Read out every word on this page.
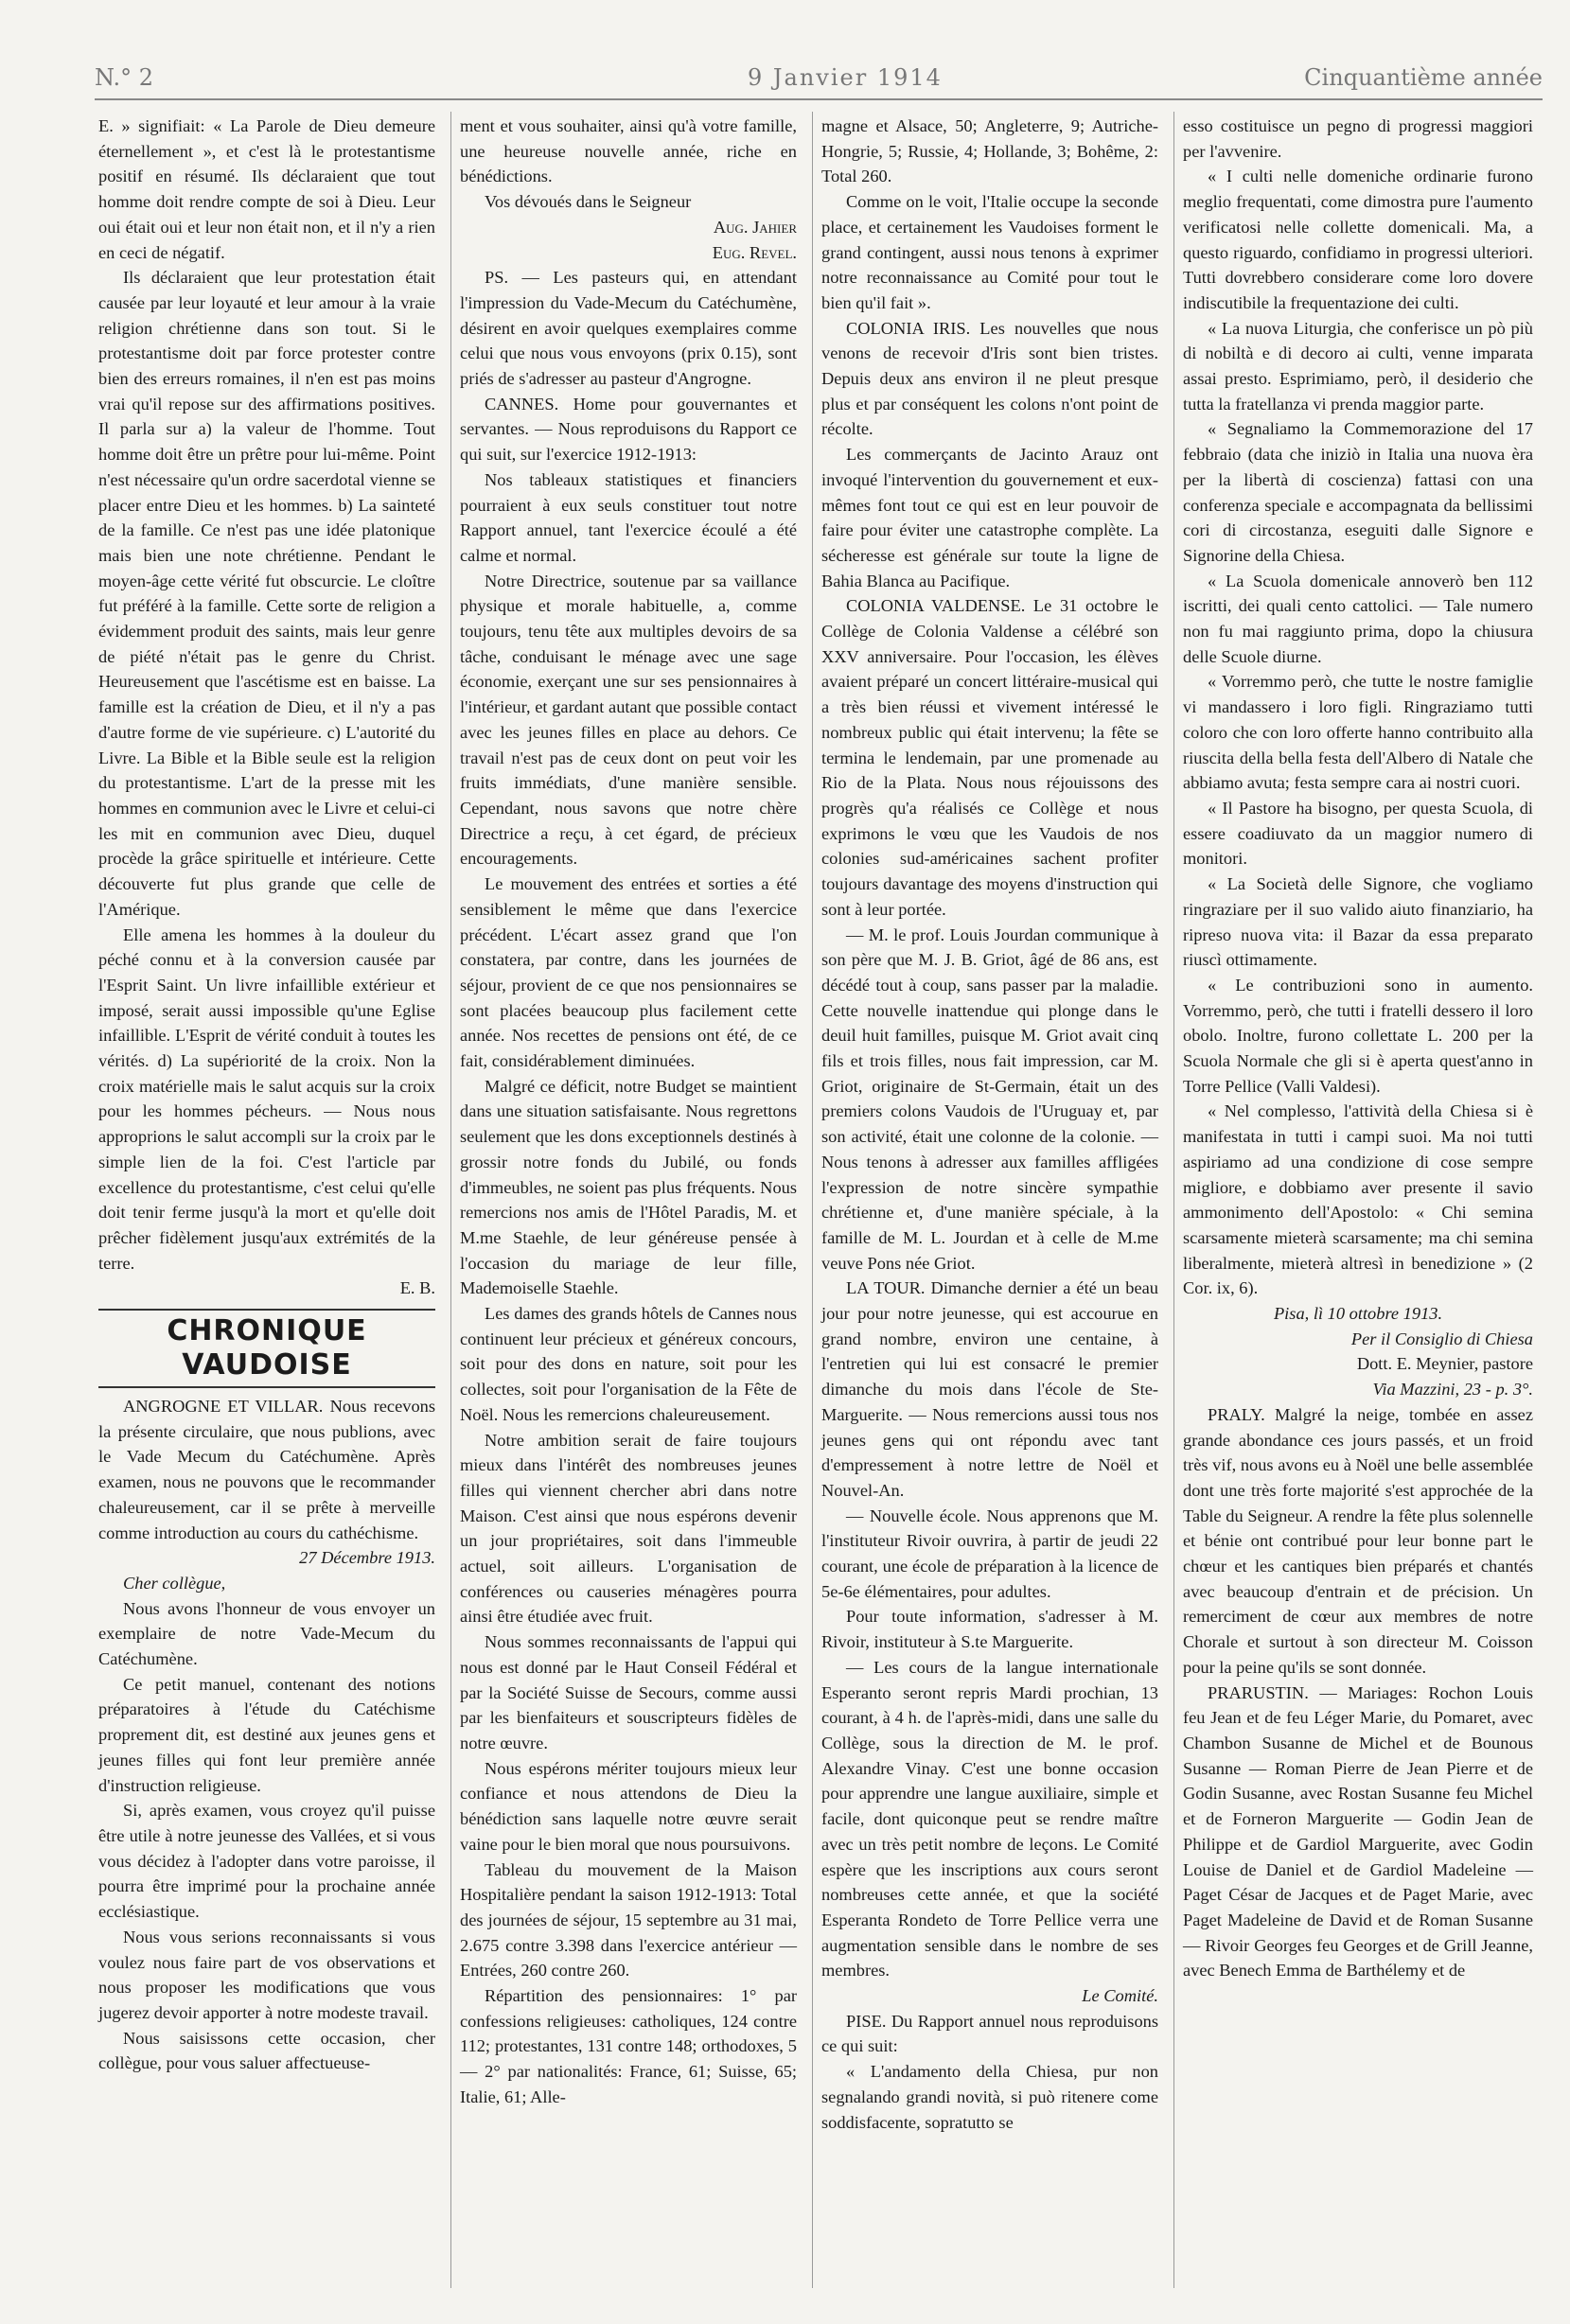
N.° 2	9 Janvier 1914	Cinquantième année

E. » signifiait: « La Parole de Dieu demeure éternellement », et c'est là le protestantisme positif en résumé. Ils déclaraient que tout homme doit rendre compte de soi à Dieu. Leur oui était oui et leur non était non, et il n'y a rien en ceci de négatif.

Ils déclaraient que leur protestation était causée par leur loyauté et leur amour à la vraie religion chrétienne dans son tout. Si le protestantisme doit par force protester contre bien des erreurs romaines, il n'en est pas moins vrai qu'il repose sur des affirmations positives. Il parla sur a) la valeur de l'homme. Tout homme doit être un prêtre pour lui-même. Point n'est nécessaire qu'un ordre sacerdotal vienne se placer entre Dieu et les hommes. b) La sainteté de la famille. Ce n'est pas une idée platonique mais bien une note chrétienne. Pendant le moyen-âge cette vérité fut obscurcie. Le cloître fut préféré à la famille. Cette sorte de religion a évidemment produit des saints, mais leur genre de piété n'était pas le genre du Christ. Heureusement que l'ascétisme est en baisse. La famille est la création de Dieu, et il n'y a pas d'autre forme de vie supérieure. c) L'autorité du Livre. La Bible et la Bible seule est la religion du protestantisme. L'art de la presse mit les hommes en communion avec le Livre et celui-ci les mit en communion avec Dieu, duquel procède la grâce spirituelle et intérieure. Cette découverte fut plus grande que celle de l'Amérique.

Elle amena les hommes à la douleur du péché connu et à la conversion causée par l'Esprit Saint. Un livre infaillible extérieur et imposé, serait aussi impossible qu'une Eglise infaillible. L'Esprit de vérité conduit à toutes les vérités. d) La supériorité de la croix. Non la croix matérielle mais le salut acquis sur la croix pour les hommes pécheurs. — Nous nous approprions le salut accompli sur la croix par le simple lien de la foi. C'est l'article par excellence du protestantisme, c'est celui qu'elle doit tenir ferme jusqu'à la mort et qu'elle doit prêcher fidèlement jusqu'aux extrémités de la terre.

E. B.

CHRONIQUE VAUDOISE

ANGROGNE ET VILLAR. Nous recevons la présente circulaire, que nous publions, avec le Vade Mecum du Catéchumène. Après examen, nous ne pouvons que le recommander chaleureusement, car il se prête à merveille comme introduction au cours du cathéchisme.

27 Décembre 1913.

Cher collègue,

Nous avons l'honneur de vous envoyer un exemplaire de notre Vade-Mecum du Catéchumène.

Ce petit manuel, contenant des notions préparatoires à l'étude du Catéchisme proprement dit, est destiné aux jeunes gens et jeunes filles qui font leur première année d'instruction religieuse.

Si, après examen, vous croyez qu'il puisse être utile à notre jeunesse des Vallées, et si vous vous décidez à l'adopter dans votre paroisse, il pourra être imprimé pour la prochaine année ecclésiastique.

Nous vous serions reconnaissants si vous voulez nous faire part de vos observations et nous proposer les modifications que vous jugerez devoir apporter à notre modeste travail.

Nous saisissons cette occasion, cher collègue, pour vous saluer affectueuse-

ment et vous souhaiter, ainsi qu'à votre famille, une heureuse nouvelle année, riche en bénédictions.

Vos dévoués dans le Seigneur

Aug. Jahier

Eug. Revel.

PS. — Les pasteurs qui, en attendant l'impression du Vade-Mecum du Catéchumène, désirent en avoir quelques exemplaires comme celui que nous vous envoyons (prix 0.15), sont priés de s'adresser au pasteur d'Angrogne.

CANNES. Home pour gouvernantes et servantes. — Nous reproduisons du Rapport ce qui suit, sur l'exercice 1912-1913:

Nos tableaux statistiques et financiers pourraient à eux seuls constituer tout notre Rapport annuel, tant l'exercice écoulé a été calme et normal.

Notre Directrice, soutenue par sa vaillance physique et morale habituelle, a, comme toujours, tenu tête aux multiples devoirs de sa tâche, conduisant le ménage avec une sage économie, exerçant une sur ses pensionnaires à l'intérieur, et gardant autant que possible contact avec les jeunes filles en place au dehors. Ce travail n'est pas de ceux dont on peut voir les fruits immédiats, d'une manière sensible. Cependant, nous savons que notre chère Directrice a reçu, à cet égard, de précieux encouragements.

Le mouvement des entrées et sorties a été sensiblement le même que dans l'exercice précédent. L'écart assez grand que l'on constatera, par contre, dans les journées de séjour, provient de ce que nos pensionnaires se sont placées beaucoup plus facilement cette année. Nos recettes de pensions ont été, de ce fait, considérablement diminuées.

Malgré ce déficit, notre Budget se maintient dans une situation satisfaisante. Nous regrettons seulement que les dons exceptionnels destinés à grossir notre fonds du Jubilé, ou fonds d'immeubles, ne soient pas plus fréquents. Nous remercions nos amis de l'Hôtel Paradis, M. et M.me Staehle, de leur généreuse pensée à l'occasion du mariage de leur fille, Mademoiselle Staehle.

Les dames des grands hôtels de Cannes nous continuent leur précieux et généreux concours, soit pour des dons en nature, soit pour les collectes, soit pour l'organisation de la Fête de Noël. Nous les remercions chaleureusement.

Notre ambition serait de faire toujours mieux dans l'intérêt des nombreuses jeunes filles qui viennent chercher abri dans notre Maison. C'est ainsi que nous espérons devenir un jour propriétaires, soit dans l'immeuble actuel, soit ailleurs. L'organisation de conférences ou causeries ménagères pourra ainsi être étudiée avec fruit.

Nous sommes reconnaissants de l'appui qui nous est donné par le Haut Conseil Fédéral et par la Société Suisse de Secours, comme aussi par les bienfaiteurs et souscripteurs fidèles de notre œuvre.

Nous espérons mériter toujours mieux leur confiance et nous attendons de Dieu la bénédiction sans laquelle notre œuvre serait vaine pour le bien moral que nous poursuivons.

Tableau du mouvement de la Maison Hospitalière pendant la saison 1912-1913: Total des journées de séjour, 15 septembre au 31 mai, 2.675 contre 3.398 dans l'exercice antérieur — Entrées, 260 contre 260.

Répartition des pensionnaires: 1° par confessions religieuses: catholiques, 124 contre 112; protestantes, 131 contre 148; orthodoxes, 5 — 2° par nationalités: France, 61; Suisse, 65; Italie, 61; Alle-

magne et Alsace, 50; Angleterre, 9; Autriche-Hongrie, 5; Russie, 4; Hollande, 3; Bohême, 2: Total 260.

Comme on le voit, l'Italie occupe la seconde place, et certainement les Vaudoises forment le grand contingent, aussi nous tenons à exprimer notre reconnaissance au Comité pour tout le bien qu'il fait ».

COLONIA IRIS. Les nouvelles que nous venons de recevoir d'Iris sont bien tristes. Depuis deux ans environ il ne pleut presque plus et par conséquent les colons n'ont point de récolte.

Les commerçants de Jacinto Arauz ont invoqué l'intervention du gouvernement et eux-mêmes font tout ce qui est en leur pouvoir de faire pour éviter une catastrophe complète. La sécheresse est générale sur toute la ligne de Bahia Blanca au Pacifique.

COLONIA VALDENSE. Le 31 octobre le Collège de Colonia Valdense a célébré son XXV anniversaire. Pour l'occasion, les élèves avaient préparé un concert littéraire-musical qui a très bien réussi et vivement intéressé le nombreux public qui était intervenu; la fête se termina le lendemain, par une promenade au Rio de la Plata. Nous nous réjouissons des progrès qu'a réalisés ce Collège et nous exprimons le vœu que les Vaudois de nos colonies sud-américaines sachent profiter toujours davantage des moyens d'instruction qui sont à leur portée.

— M. le prof. Louis Jourdan communique à son père que M. J. B. Griot, âgé de 86 ans, est décédé tout à coup, sans passer par la maladie. Cette nouvelle inattendue qui plonge dans le deuil huit familles, puisque M. Griot avait cinq fils et trois filles, nous fait impression, car M. Griot, originaire de St-Germain, était un des premiers colons Vaudois de l'Uruguay et, par son activité, était une colonne de la colonie. — Nous tenons à adresser aux familles affligées l'expression de notre sincère sympathie chrétienne et, d'une manière spéciale, à la famille de M. L. Jourdan et à celle de M.me veuve Pons née Griot.

LA TOUR. Dimanche dernier a été un beau jour pour notre jeunesse, qui est accourue en grand nombre, environ une centaine, à l'entretien qui lui est consacré le premier dimanche du mois dans l'école de Ste-Marguerite. — Nous remercions aussi tous nos jeunes gens qui ont répondu avec tant d'empressement à notre lettre de Noël et Nouvel-An.

— Nouvelle école. Nous apprenons que M. l'instituteur Rivoir ouvrira, à partir de jeudi 22 courant, une école de préparation à la licence de 5e-6e élémentaires, pour adultes.

Pour toute information, s'adresser à M. Rivoir, instituteur à S.te Marguerite.

— Les cours de la langue internationale Esperanto seront repris Mardi prochian, 13 courant, à 4 h. de l'après-midi, dans une salle du Collège, sous la direction de M. le prof. Alexandre Vinay. C'est une bonne occasion pour apprendre une langue auxiliaire, simple et facile, dont quiconque peut se rendre maître avec un très petit nombre de leçons. Le Comité espère que les inscriptions aux cours seront nombreuses cette année, et que la société Esperanta Rondeto de Torre Pellice verra une augmentation sensible dans le nombre de ses membres.

Le Comité.

PISE. Du Rapport annuel nous reproduisons ce qui suit:

« L'andamento della Chiesa, pur non segnalando grandi novità, si può ritenere come soddisfacente, sopratutto se

esso costituisce un pegno di progressi maggiori per l'avvenire.

« I culti nelle domeniche ordinarie furono meglio frequentati, come dimostra pure l'aumento verificatosi nelle collette domenicali. Ma, a questo riguardo, confidiamo in progressi ulteriori. Tutti dovrebbero considerare come loro dovere indiscutibile la frequentazione dei culti.

« La nuova Liturgia, che conferisce un pò più di nobiltà e di decoro ai culti, venne imparata assai presto. Esprimiamo, però, il desiderio che tutta la fratellanza vi prenda maggior parte.

« Segnaliamo la Commemorazione del 17 febbraio (data che iniziò in Italia una nuova èra per la libertà di coscienza) fattasi con una conferenza speciale e accompagnata da bellissimi cori di circostanza, eseguiti dalle Signore e Signorine della Chiesa.

« La Scuola domenicale annoverò ben 112 iscritti, dei quali cento cattolici. — Tale numero non fu mai raggiunto prima, dopo la chiusura delle Scuole diurne.

« Vorremmo però, che tutte le nostre famiglie vi mandassero i loro figli. Ringraziamo tutti coloro che con loro offerte hanno contribuito alla riuscita della bella festa dell'Albero di Natale che abbiamo avuta; festa sempre cara ai nostri cuori.

« Il Pastore ha bisogno, per questa Scuola, di essere coadiuvato da un maggior numero di monitori.

« La Società delle Signore, che vogliamo ringraziare per il suo valido aiuto finanziario, ha ripreso nuova vita: il Bazar da essa preparato riuscì ottimamente.

« Le contribuzioni sono in aumento. Vorremmo, però, che tutti i fratelli dessero il loro obolo. Inoltre, furono collettate L. 200 per la Scuola Normale che gli si è aperta quest'anno in Torre Pellice (Valli Valdesi).

« Nel complesso, l'attività della Chiesa si è manifestata in tutti i campi suoi. Ma noi tutti aspiriamo ad una condizione di cose sempre migliore, e dobbiamo aver presente il savio ammonimento dell'Apostolo: « Chi semina scarsamente mieterà scarsamente; ma chi semina liberalmente, mieterà altresì in benedizione » (2 Cor. ix, 6).

Pisa, lì 10 ottobre 1913.

Per il Consiglio di Chiesa

Dott. E. Meynier, pastore

Via Mazzini, 23 - p. 3°.

PRALY. Malgré la neige, tombée en assez grande abondance ces jours passés, et un froid très vif, nous avons eu à Noël une belle assemblée dont une très forte majorité s'est approchée de la Table du Seigneur. A rendre la fête plus solennelle et bénie ont contribué pour leur bonne part le chœur et les cantiques bien préparés et chantés avec beaucoup d'entrain et de précision. Un remerciment de cœur aux membres de notre Chorale et surtout à son directeur M. Coisson pour la peine qu'ils se sont donnée.

PRARUSTIN. — Mariages: Rochon Louis feu Jean et de feu Léger Marie, du Pomaret, avec Chambon Susanne de Michel et de Bounous Susanne — Roman Pierre de Jean Pierre et de Godin Susanne, avec Rostan Susanne feu Michel et de Forneron Marguerite — Godin Jean de Philippe et de Gardiol Marguerite, avec Godin Louise de Daniel et de Gardiol Madeleine — Paget César de Jacques et de Paget Marie, avec Paget Madeleine de David et de Roman Susanne — Rivoir Georges feu Georges et de Grill Jeanne, avec Benech Emma de Barthélemy et de
